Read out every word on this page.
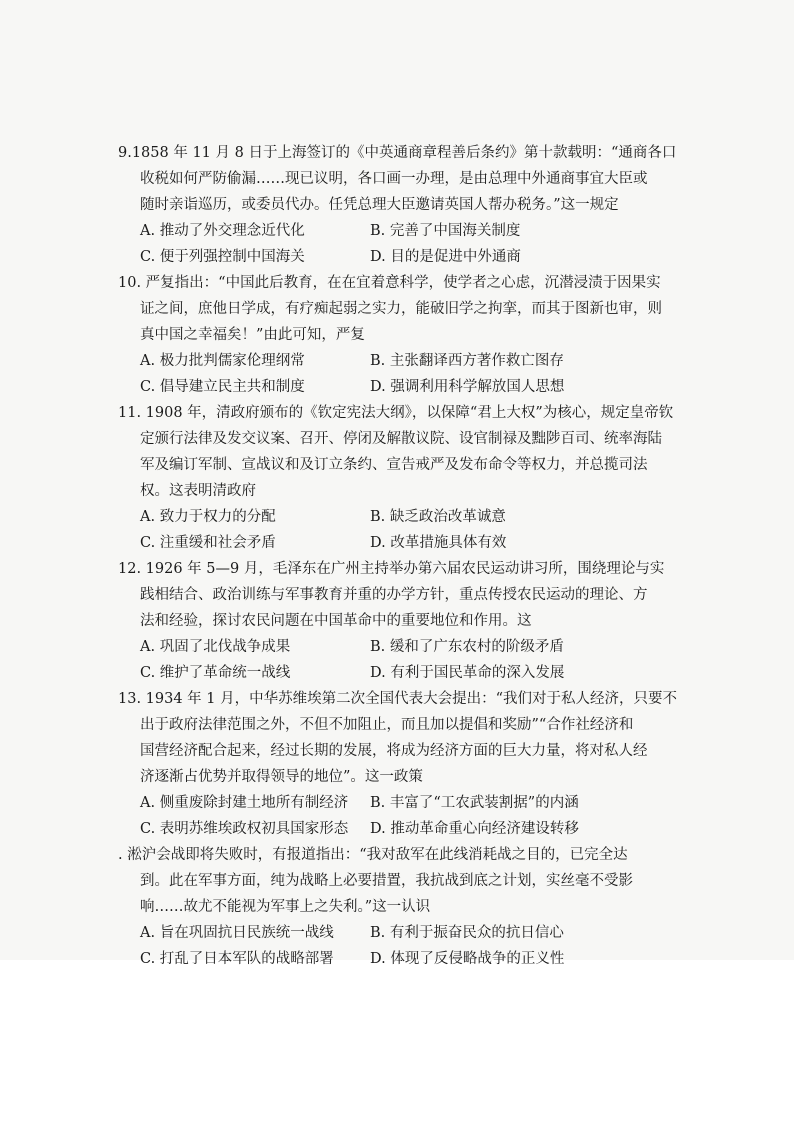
9.1858 年 11 月 8 日于上海签订的《中英通商章程善后条约》第十款载明：“通商各口

收税如何严防偷漏……现已议明，各口画一办理，是由总理中外通商事宜大臣或

随时亲诣巡历，或委员代办。任凭总理大臣邀请英国人帮办税务。”这一规定

A. 推动了外交理念近代化	B. 完善了中国海关制度
C. 便于列强控制中国海关	D. 目的是促进中外通商

10. 严复指出：“中国此后教育，在在宜着意科学，使学者之心虑，沉潜浸渍于因果实

证之间，庶他日学成，有疗痴起弱之实力，能破旧学之拘挛，而其于图新也审，则

真中国之幸福矣！”由此可知，严复

A. 极力批判儒家伦理纲常	B. 主张翻译西方著作救亡图存
C. 倡导建立民主共和制度	D. 强调利用科学解放国人思想

11. 1908 年，清政府颁布的《钦定宪法大纲》，以保障“君上大权”为核心，规定皇帝钦

定颁行法律及发交议案、召开、停闭及解散议院、设官制禄及黜陟百司、统率海陆

军及编订军制、宣战议和及订立条约、宣告戒严及发布命令等权力，并总揽司法

权。这表明清政府

A. 致力于权力的分配	B. 缺乏政治改革诚意
C. 注重缓和社会矛盾	D. 改革措施具体有效

12. 1926 年 5—9 月，毛泽东在广州主持举办第六届农民运动讲习所，围绕理论与实

践相结合、政治训练与军事教育并重的办学方针，重点传授农民运动的理论、方

法和经验，探讨农民问题在中国革命中的重要地位和作用。这

A. 巩固了北伐战争成果	B. 缓和了广东农村的阶级矛盾
C. 维护了革命统一战线	D. 有利于国民革命的深入发展

13. 1934 年 1 月，中华苏维埃第二次全国代表大会提出：“我们对于私人经济，只要不

出于政府法律范围之外，不但不加阻止，而且加以提倡和奖励”“合作社经济和

国营经济配合起来，经过长期的发展，将成为经济方面的巨大力量，将对私人经

济逐渐占优势并取得领导的地位”。这一政策

A. 侧重废除封建土地所有制经济	B. 丰富了“工农武装割据”的内涵
C. 表明苏维埃政权初具国家形态	D. 推动革命重心向经济建设转移

. 淞沪会战即将失败时，有报道指出：“我对敌军在此线消耗战之目的，已完全达

到。此在军事方面，纯为战略上必要措置，我抗战到底之计划，实丝毫不受影

响……故尤不能视为军事上之失利。”这一认识

A. 旨在巩固抗日民族统一战线	B. 有利于振奋民众的抗日信心
C. 打乱了日本军队的战略部署	D. 体现了反侵略战争的正义性
